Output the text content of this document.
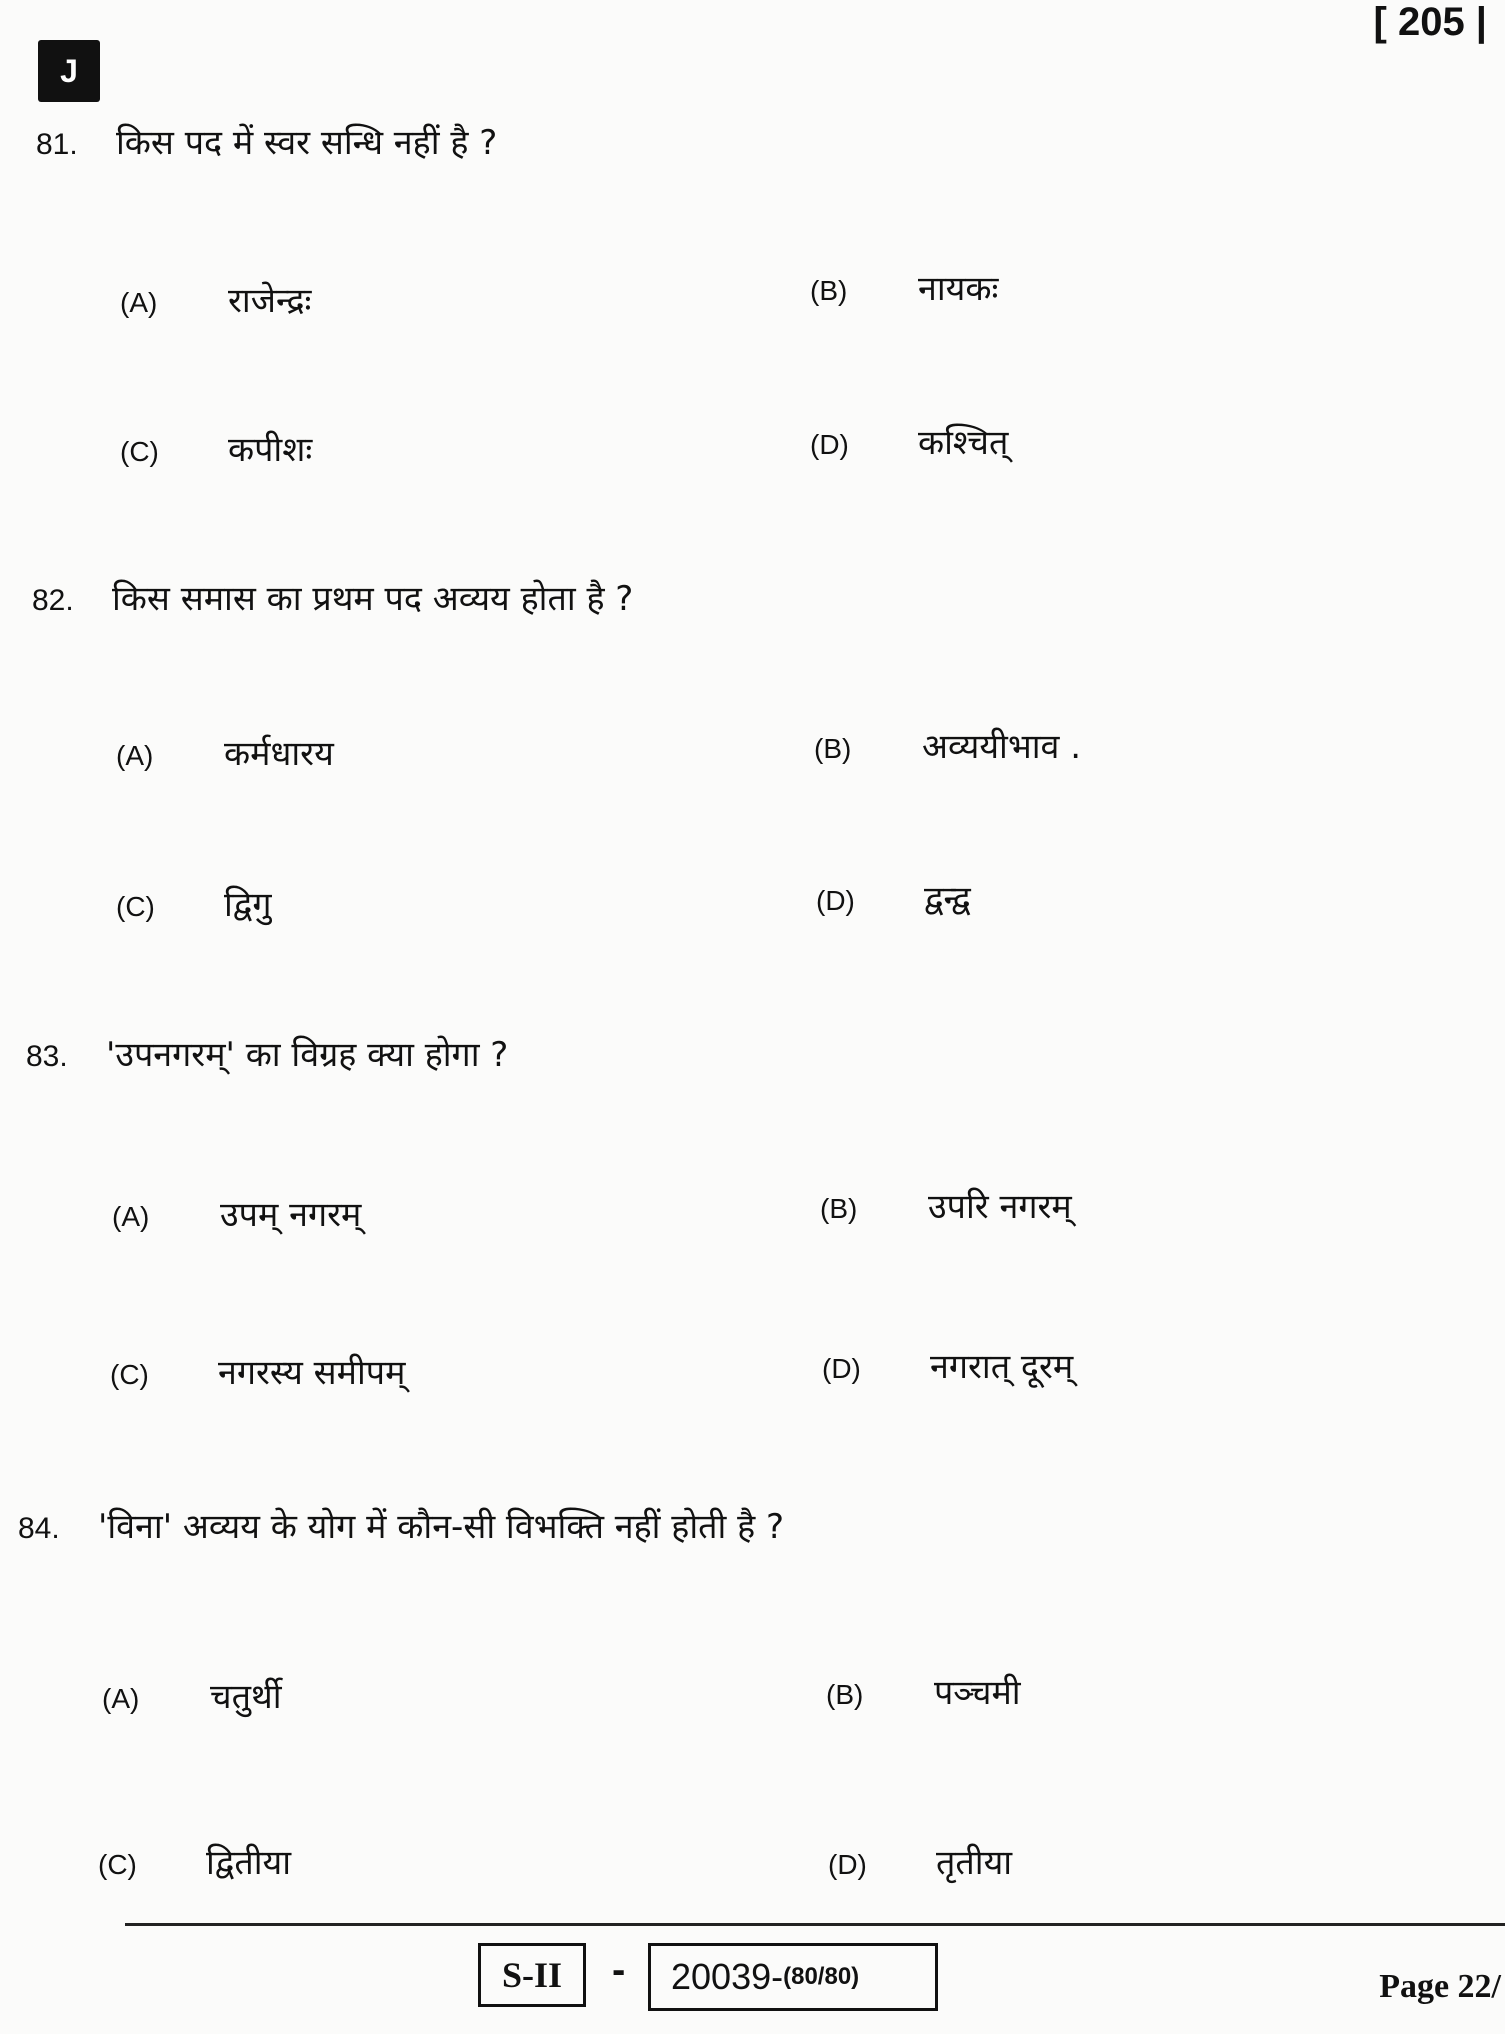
[ 205 |
J
81. किस पद में स्वर सन्धि नहीं है ?
(A) राजेन्द्रः	(B) नायकः
(C) कपीशः	(D) कश्चित्
82. किस समास का प्रथम पद अव्यय होता है ?
(A) कर्मधारय	(B) अव्ययीभाव .
(C) द्विगु	(D) द्वन्द्व
83. 'उपनगरम्' का विग्रह क्या होगा ?
(A) उपम् नगरम्	(B) उपरि नगरम्
(C) नगरस्य समीपम्	(D) नगरात् दूरम्
84. 'विना' अव्यय के योग में कौन-सी विभक्ति नहीं होती है ?
(A) चतुर्थी	(B) पञ्चमी
(C) द्वितीया	(D) तृतीया
S-II	- 20039- (80/80)	Page 22/
